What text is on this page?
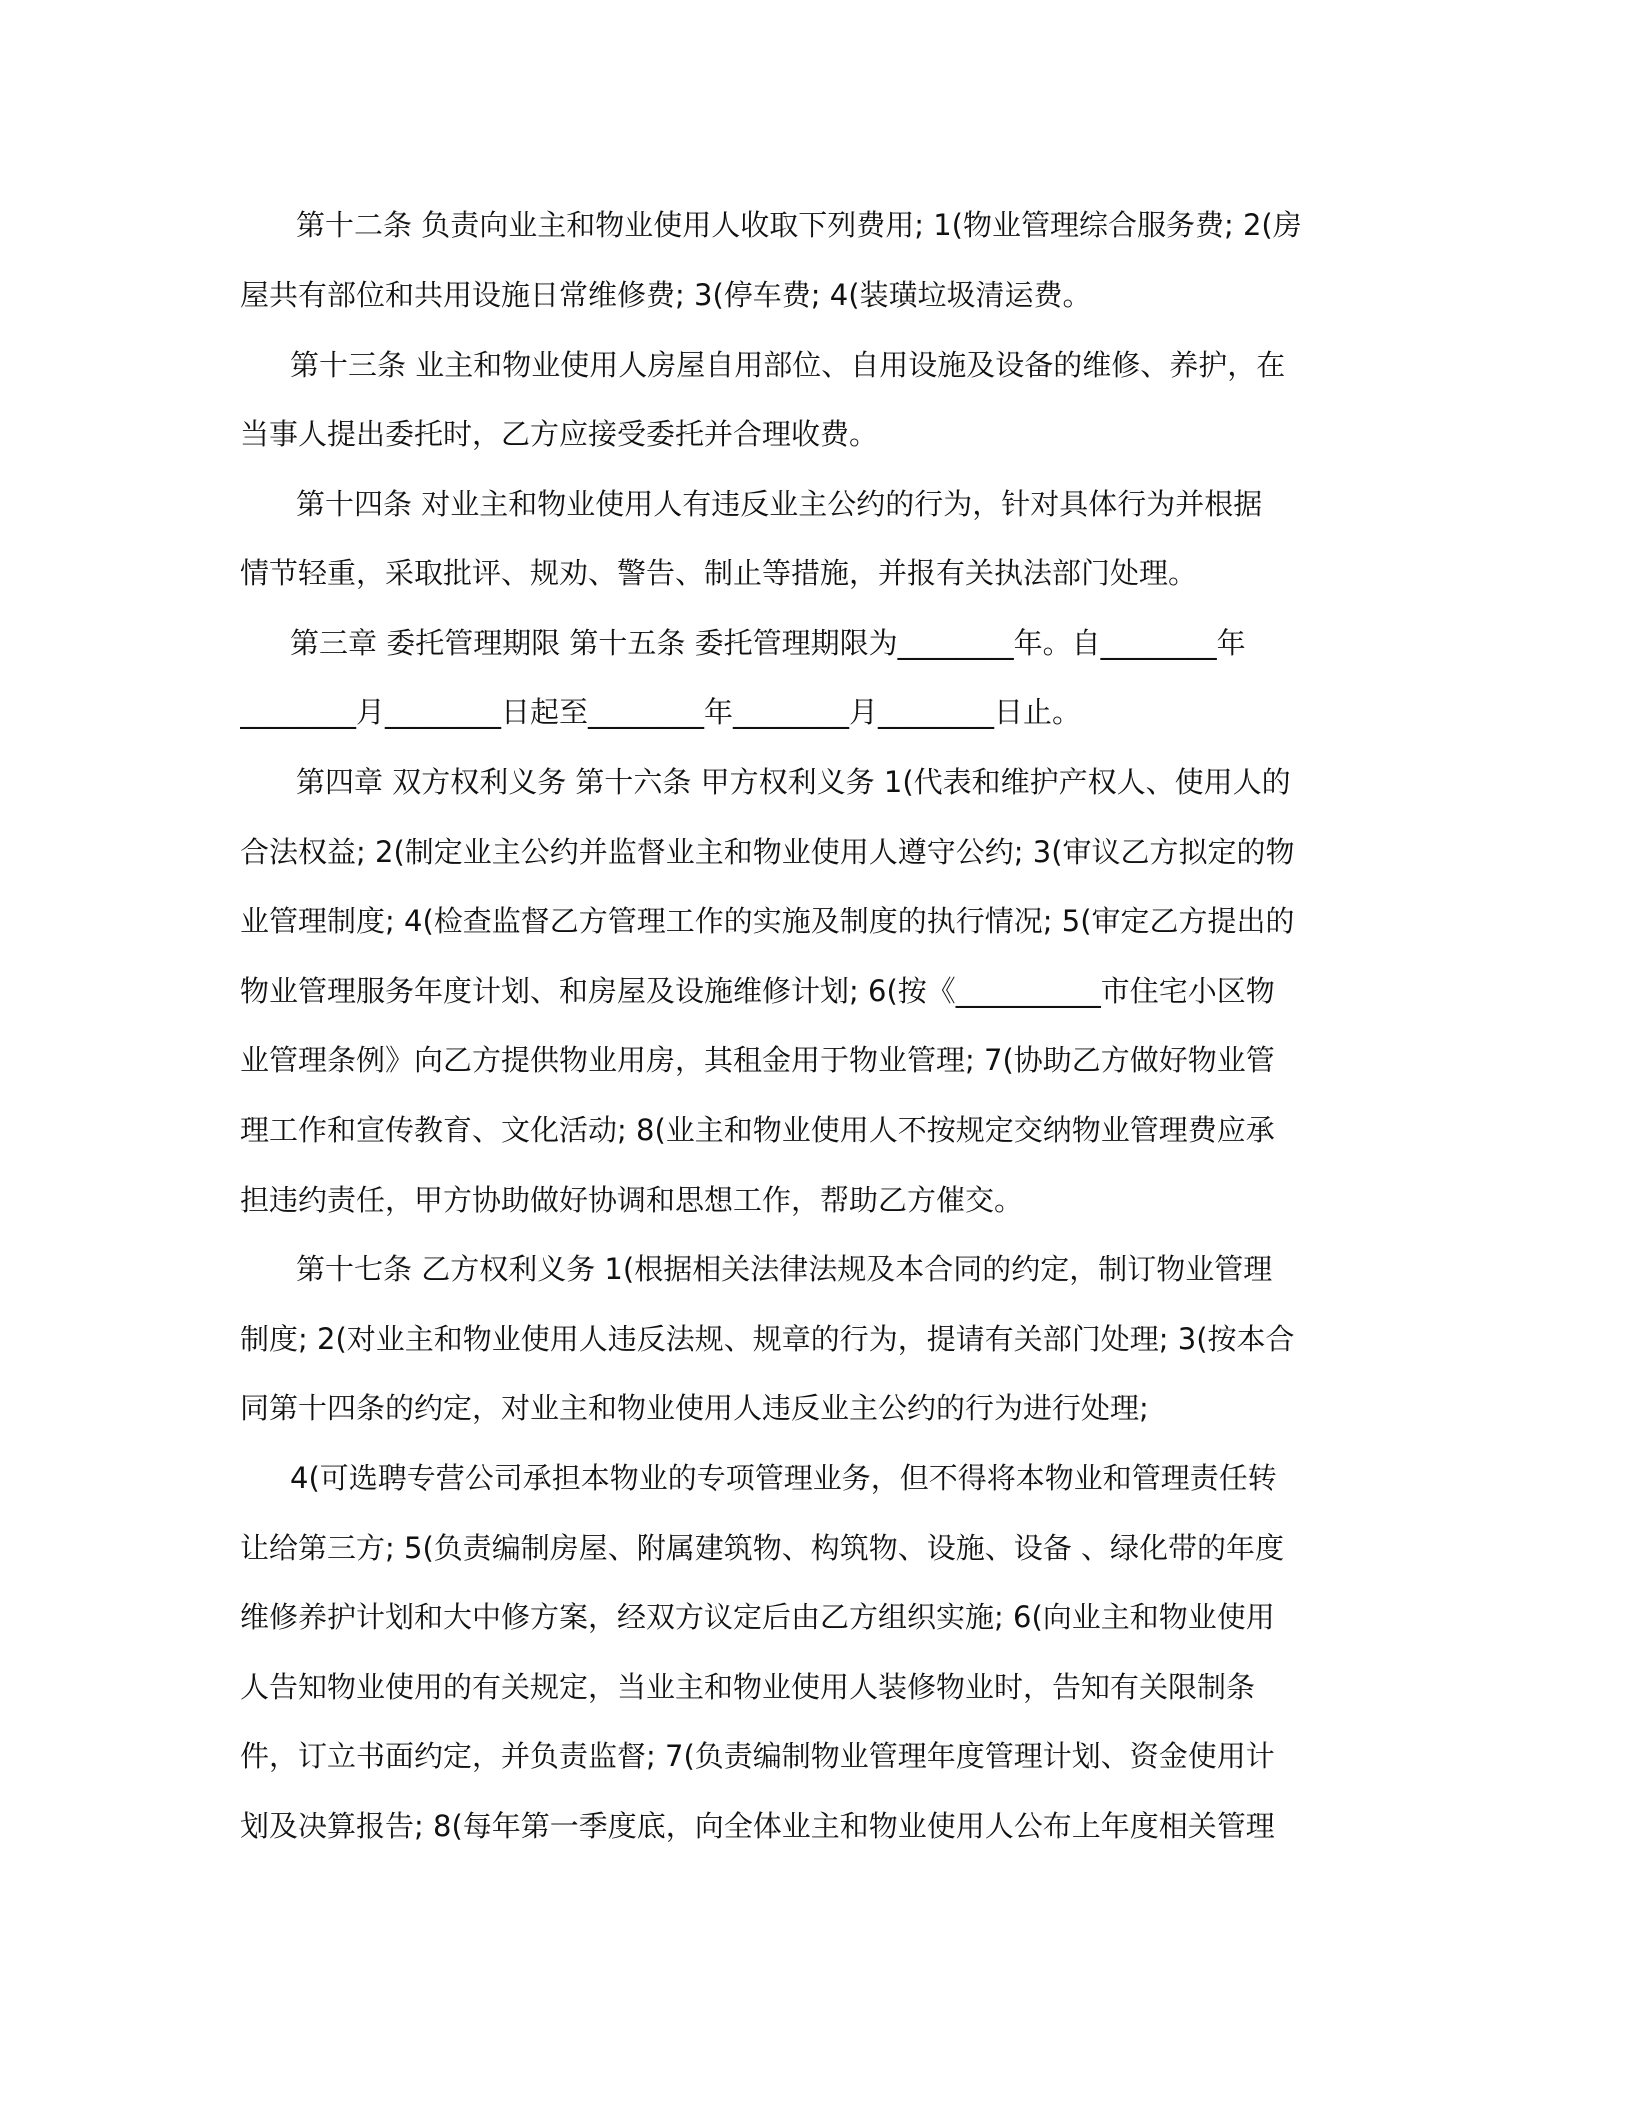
第十二条 负责向业主和物业使用人收取下列费用; 1(物业管理综合服务费; 2(房
屋共有部位和共用设施日常维修费; 3(停车费; 4(装璜垃圾清运费。
第十三条 业主和物业使用人房屋自用部位、自用设施及设备的维修、养护，在
当事人提出委托时，乙方应接受委托并合理收费。
第十四条 对业主和物业使用人有违反业主公约的行为，针对具体行为并根据
情节轻重，采取批评、规劝、警告、制止等措施，并报有关执法部门处理。
第三章 委托管理期限 第十五条 委托管理期限为________年。自________年
________月________日起至________年________月________日止。
第四章 双方权利义务 第十六条 甲方权利义务 1(代表和维护产权人、使用人的
合法权益; 2(制定业主公约并监督业主和物业使用人遵守公约; 3(审议乙方拟定的物
业管理制度; 4(检查监督乙方管理工作的实施及制度的执行情况; 5(审定乙方提出的
物业管理服务年度计划、和房屋及设施维修计划; 6(按《__________市住宅小区物
业管理条例》向乙方提供物业用房，其租金用于物业管理; 7(协助乙方做好物业管
理工作和宣传教育、文化活动; 8(业主和物业使用人不按规定交纳物业管理费应承
担违约责任，甲方协助做好协调和思想工作，帮助乙方催交。
第十七条 乙方权利义务 1(根据相关法律法规及本合同的约定，制订物业管理
制度; 2(对业主和物业使用人违反法规、规章的行为，提请有关部门处理; 3(按本合
同第十四条的约定，对业主和物业使用人违反业主公约的行为进行处理;
4(可选聘专营公司承担本物业的专项管理业务，但不得将本物业和管理责任转
让给第三方; 5(负责编制房屋、附属建筑物、构筑物、设施、设备 、绿化带的年度
维修养护计划和大中修方案，经双方议定后由乙方组织实施; 6(向业主和物业使用
人告知物业使用的有关规定，当业主和物业使用人装修物业时，告知有关限制条
件，订立书面约定，并负责监督; 7(负责编制物业管理年度管理计划、资金使用计
划及决算报告; 8(每年第一季度底，向全体业主和物业使用人公布上年度相关管理
